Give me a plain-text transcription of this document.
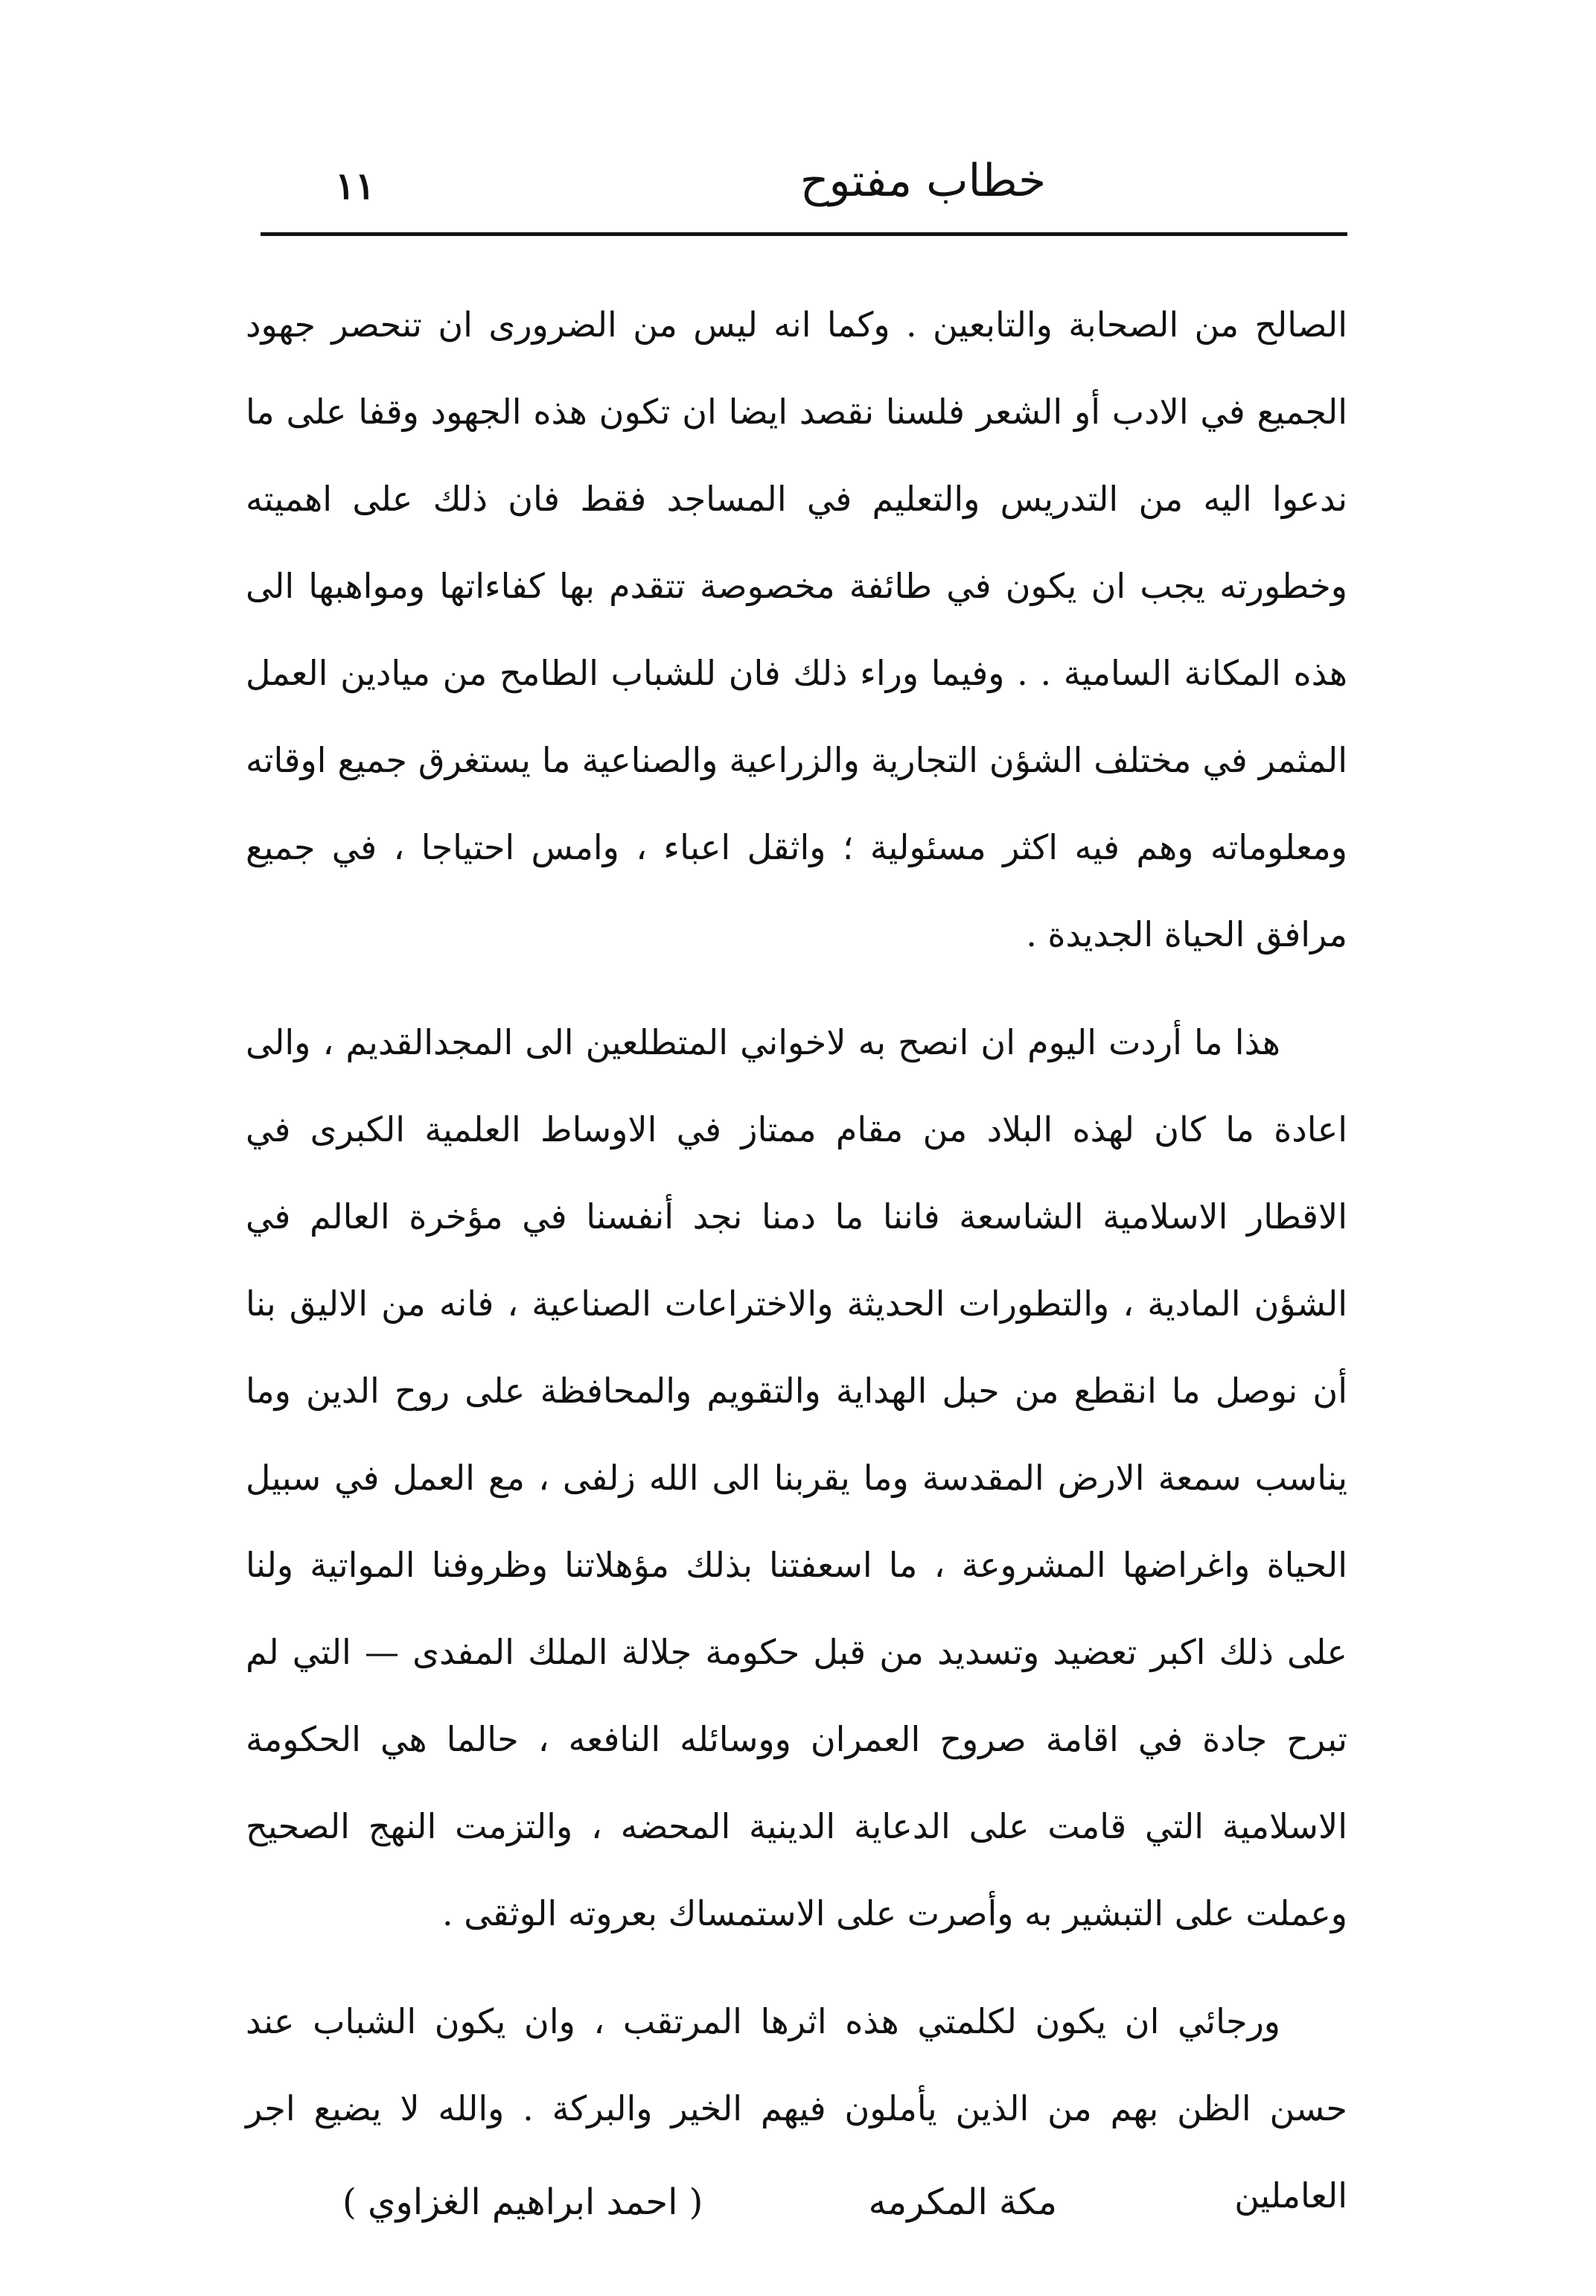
١١	خطاب مفتوح

الصالح من الصحابة والتابعين . وكما انه ليس من الضرورى ان تنحصر جهود الجميع في الادب أو الشعر فلسنا نقصد ايضا ان تكون هذه الجهود وقفا على ما ندعوا اليه من التدريس والتعليم في المساجد فقط فان ذلك على اهميته وخطورته يجب ان يكون في طائفة مخصوصة تتقدم بها كفاءاتها ومواهبها الى هذه المكانة السامية . . وفيما وراء ذلك فان للشباب الطامح من ميادين العمل المثمر في مختلف الشؤن التجارية والزراعية والصناعية ما يستغرق جميع اوقاته ومعلوماته وهم فيه اكثر مسئولية ؛ واثقل اعباء ، وامس احتياجا ، في جميع مرافق الحياة الجديدة .

هذا ما أردت اليوم ان انصح به لاخواني المتطلعين الى المجدالقديم ، والى اعادة ما كان لهذه البلاد من مقام ممتاز في الاوساط العلمية الكبرى في الاقطار الاسلامية الشاسعة فاننا ما دمنا نجد أنفسنا في مؤخرة العالم في الشؤن المادية ، والتطورات الحديثة والاختراعات الصناعية ، فانه من الاليق بنا أن نوصل ما انقطع من حبل الهداية والتقويم والمحافظة على روح الدين وما يناسب سمعة الارض المقدسة وما يقربنا الى الله زلفى ، مع العمل في سبيل الحياة واغراضها المشروعة ، ما اسعفتنا بذلك مؤهلاتنا وظروفنا المواتية ولنا على ذلك اكبر تعضيد وتسديد من قبل حكومة جلالة الملك المفدى — التي لم تبرح جادة في اقامة صروح العمران ووسائله النافعه ، حالما هي الحكومة الاسلامية التي قامت على الدعاية الدينية المحضه ، والتزمت النهج الصحيح وعملت على التبشير به وأصرت على الاستمساك بعروته الوثقى .

ورجائي ان يكون لكلمتي هذه اثرها المرتقب ، وان يكون الشباب عند حسن الظن بهم من الذين يأملون فيهم الخير والبركة . والله لا يضيع اجر العاملين

مكة المكرمه
( احمد ابراهيم الغزاوي )
